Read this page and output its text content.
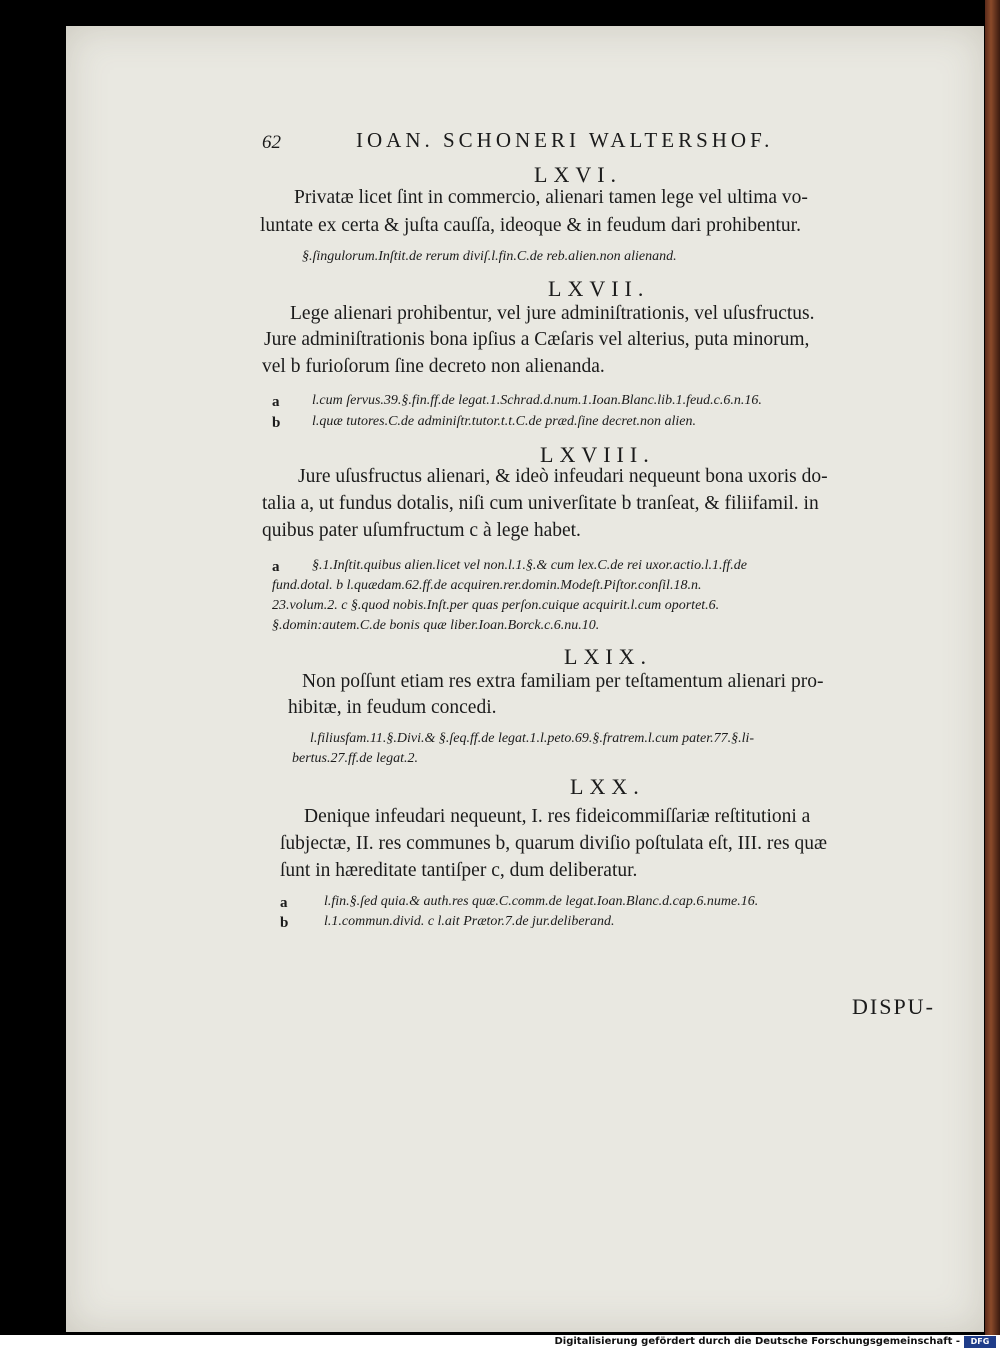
62	IOAN. SCHONERI WALTERSHOF.
LXVI.
Privatæ licet ſint in commercio, alienari tamen lege vel ultima vo-
luntate ex certa & juſta cauſſa, ideoque & in feudum dari prohibentur.
§.ſingulorum.Inſtit.de rerum diviſ.l.fin.C.de reb.alien.non alienand.
LXVII.
Lege alienari prohibentur, vel jure adminiſtrationis, vel uſusfructus.
Jure adminiſtrationis bona ipſius a Cæſaris vel alterius, puta minorum,
vel b furioſorum ſine decreto non alienanda.
a l.cum ſervus.39.§.fin.ff.de legat.1.Schrad.d.num.1.Ioan.Blanc.lib.1.feud.c.6.n.16.
b l.quæ tutores.C.de adminiſtr.tutor.t.t.C.de præd.ſine decret.non alien.
LXVIII.
Jure uſusfructus alienari, & ideò infeudari nequeunt bona uxoris do-
talia a, ut fundus dotalis, niſi cum univerſitate b tranſeat, & filiifamil. in
quibus pater uſumfructum c à lege habet.
a §.1.Inſtit.quibus alien.licet vel non.l.1.§.& cum lex.C.de rei uxor.actio.l.1.ff.de
fund.dotal. b l.quædam.62.ff.de acquiren.rer.domin.Modeſt.Piſtor.conſil.18.n.
23.volum.2. c §.quod nobis.Inſt.per quas perſon.cuique acquirit.l.cum oportet.6.
§.domin:autem.C.de bonis quæ liber.Ioan.Borck.c.6.nu.10.
LXIX.
Non poſſunt etiam res extra familiam per teſtamentum alienari pro-
hibitæ, in feudum concedi.
l.filiusfam.11.§.Divi.& §.ſeq.ff.de legat.1.l.peto.69.§.fratrem.l.cum pater.77.§.li-
bertus.27.ff.de legat.2.
LXX.
Denique infeudari nequeunt, I. res fideicommiſſariæ reſtitutioni a
ſubjectæ, II. res communes b, quarum diviſio poſtulata eſt, III. res quæ
ſunt in hæreditate tantiſper c, dum deliberatur.
a	l.fin.§.ſed quia.& auth.res quæ.C.comm.de legat.Ioan.Blanc.d.cap.6.nume.16.
b	l.1.commun.divid. c l.ait Prætor.7.de jur.deliberand.
DISPU-
Digitalisierung gefördert durch die Deutsche Forschungsgemeinschaft -	DFG
